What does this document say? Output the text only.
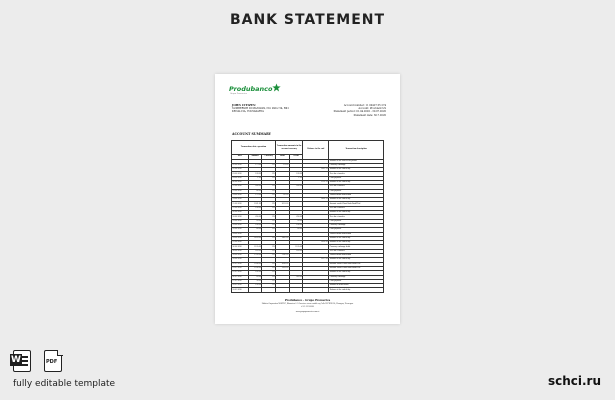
BANK STATEMENT
Produbanco
Grupo Promerica
JOHN CITIZEN
SUMBERSIH DI MANGGIS, NO. PALU 54, BK1
KENALCIA, YOGYAKARTA
Account number: 11 00427 65 274
Account: Provident US
Statement period: 01.04.2020 - 30.07.2020
Statement date: 30.7.2020
ACCOUNT SUMMARY
Transaction, date, operation			Transaction amounts in the account currency		Balance in the end	Transaction description
Date	Amount	Currency	Debit	Credit		
						Balance at the start of the period
01.04.2020	173.00	US	173.00			Currency exchange
01.04.2020					1641.21	Balance at the end of day
03.04.2020	128.00	US		128.00		Fees for a transfer
04.04.2020	1.00	US		1.00		Card payment
06.04.2020					1512.21	Balance at the end of day
11.04.2020	890.00	US		890.00		Fees for a transfer
12.04.2020	84.00	US				Card payment
14.04.2020	170.00	US	170.00			Transfer debit transaction
14.04.2020					1806.21	Balance at the end of day
15.04.2020	1021.00	US	1021.00			Account credit Client Bank BankT.Ltd
15.04.2020	190.00	US				Fees for a transfer
16.04.2020						Balance at the end of day
18.04.2020	690.00	US		690.00		Fees for a transfer
19.04.2020	20.00	US		20.00		Card payment
19.04.2020	108.00	US		108.00		Currency exchange
22.04.2020	80.00	US		80.00		Card payment
24.04.2020						Transfer debit transaction
24.04.2020	1460.00	US	1460.00			Balance at the end of day
25.04.2020					1430.81	Balance at the end of day
26.04.2020	1109.00	US		1109.00		Currency exchange debit
28.04.2020	850.00	US		850.00		Fees for a transfer
29.04.2020	1780.00	US	1780.00			Transfer debit transaction
29.04.2020					1217.81	Balance at the end of day
01.05.2020	1098.00	US	1098.00			Account credit Client Bank BankT.Ltd
03.05.2020	1394.00	US	1394.00			Account credit Client Bank BankT.Ltd
05.05.2020	102.00	US				Balance at the end of day
06.05.2020	40.00	US		460.00		Currency exchange
07.05.2020	30.00	US				Card payment
09.05.2020	190.00	US				Balance of debit transa
10.05.2020						Balance at the end of day
Produbanco - Grupo Promerica
Edificio Corporativo MOPPEC, Kilometro 4.5 Carretera sierra coidal esq Calle EFCBDR 3A, Managua, Nicaragua
+505 22596080
www.grupopromerica.com.ni
W	PDF
fully editable template	schci.ru
